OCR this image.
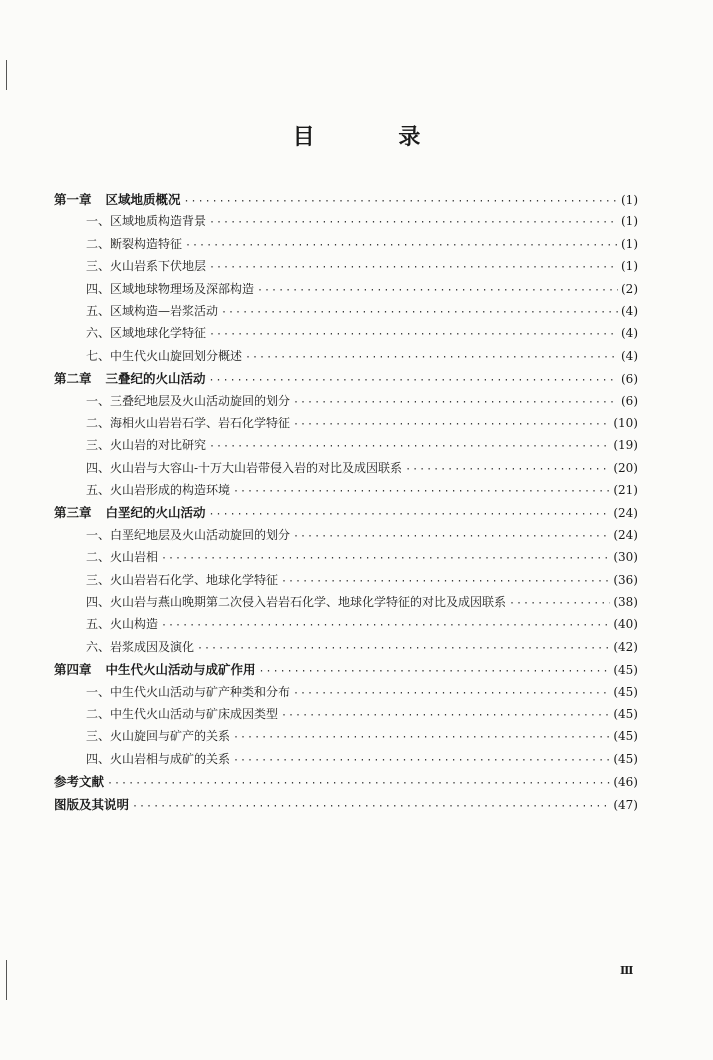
目 录
第一章 区域地质概况 ·····	(1)
一、区域地质构造背景 ·····	(1)
二、断裂构造特征 ·····	(1)
三、火山岩系下伏地层 ·····	(1)
四、区域地球物理场及深部构造 ·····	(2)
五、区域构造—岩浆活动 ·····	(4)
六、区域地球化学特征 ·····	(4)
七、中生代火山旋回划分概述 ·····	(4)
第二章 三叠纪的火山活动 ·····	(6)
一、三叠纪地层及火山活动旋回的划分 ·····	(6)
二、海相火山岩岩石学、岩石化学特征 ·····	(10)
三、火山岩的对比研究 ·····	(19)
四、火山岩与大容山-十万大山岩带侵入岩的对比及成因联系 ·····	(20)
五、火山岩形成的构造环境 ·····	(21)
第三章 白垩纪的火山活动 ·····	(24)
一、白垩纪地层及火山活动旋回的划分 ·····	(24)
二、火山岩相 ·····	(30)
三、火山岩岩石化学、地球化学特征 ·····	(36)
四、火山岩与燕山晚期第二次侵入岩岩石化学、地球化学特征的对比及成因联系 ·····	(38)
五、火山构造 ·····	(40)
六、岩浆成因及演化 ·····	(42)
第四章 中生代火山活动与成矿作用 ·····	(45)
一、中生代火山活动与矿产种类和分布 ·····	(45)
二、中生代火山活动与矿床成因类型 ·····	(45)
三、火山旋回与矿产的关系 ·····	(45)
四、火山岩相与成矿的关系 ·····	(45)
参考文献 ·····	(46)
图版及其说明 ·····	(47)
Ⅲ
